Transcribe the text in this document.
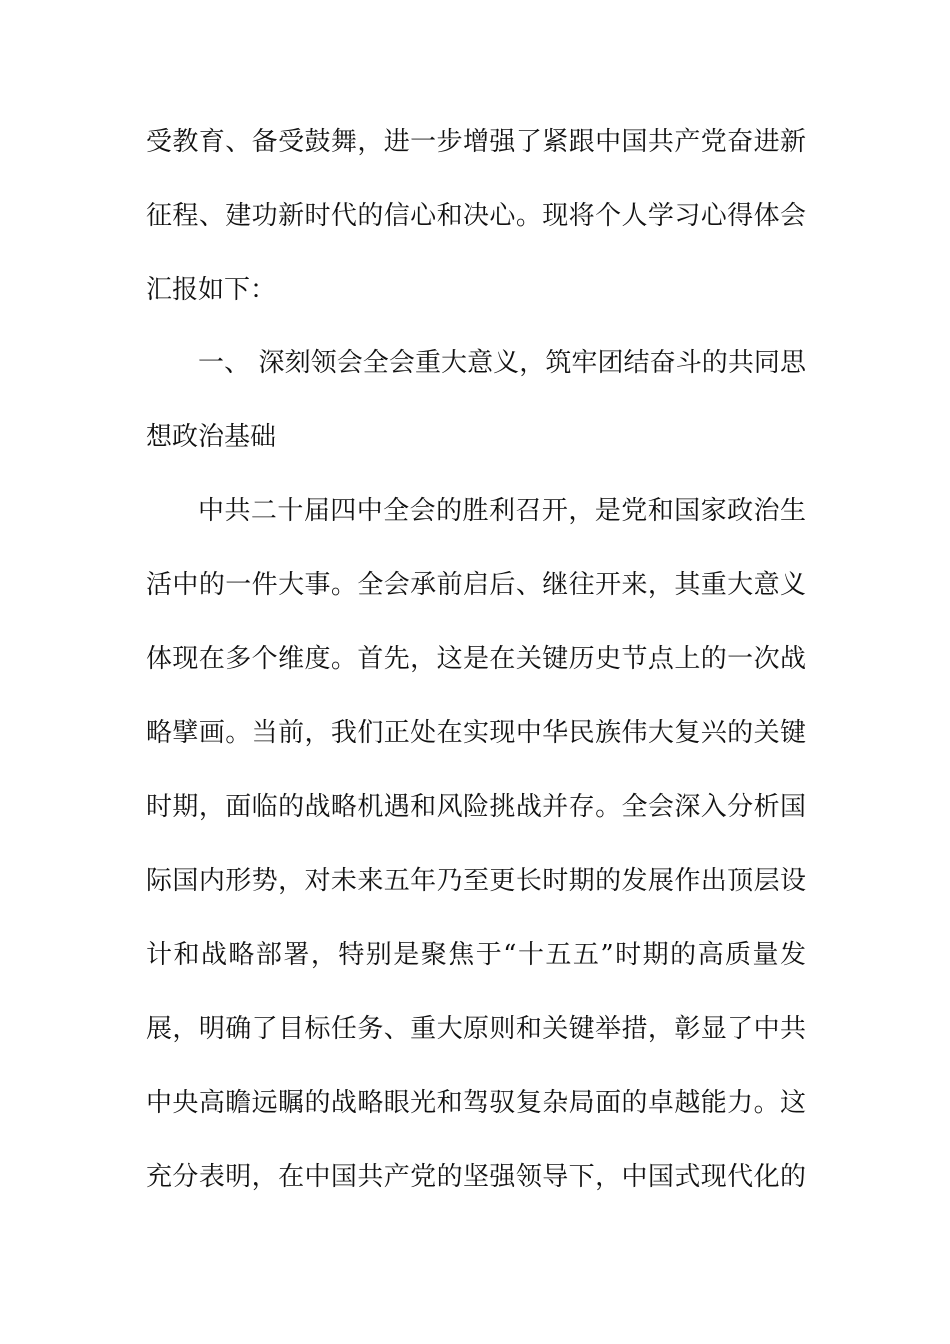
受教育、备受鼓舞，进一步增强了紧跟中国共产党奋进新
征程、建功新时代的信心和决心。现将个人学习心得体会
汇报如下：
一、 深刻领会全会重大意义，筑牢团结奋斗的共同思
想政治基础
中共二十届四中全会的胜利召开，是党和国家政治生
活中的一件大事。全会承前启后、继往开来，其重大意义
体现在多个维度。首先，这是在关键历史节点上的一次战
略擘画。当前，我们正处在实现中华民族伟大复兴的关键
时期，面临的战略机遇和风险挑战并存。全会深入分析国
际国内形势，对未来五年乃至更长时期的发展作出顶层设
计和战略部署，特别是聚焦于“十五五”时期的高质量发
展，明确了目标任务、重大原则和关键举措，彰显了中共
中央高瞻远瞩的战略眼光和驾驭复杂局面的卓越能力。这
充分表明，在中国共产党的坚强领导下，中国式现代化的
